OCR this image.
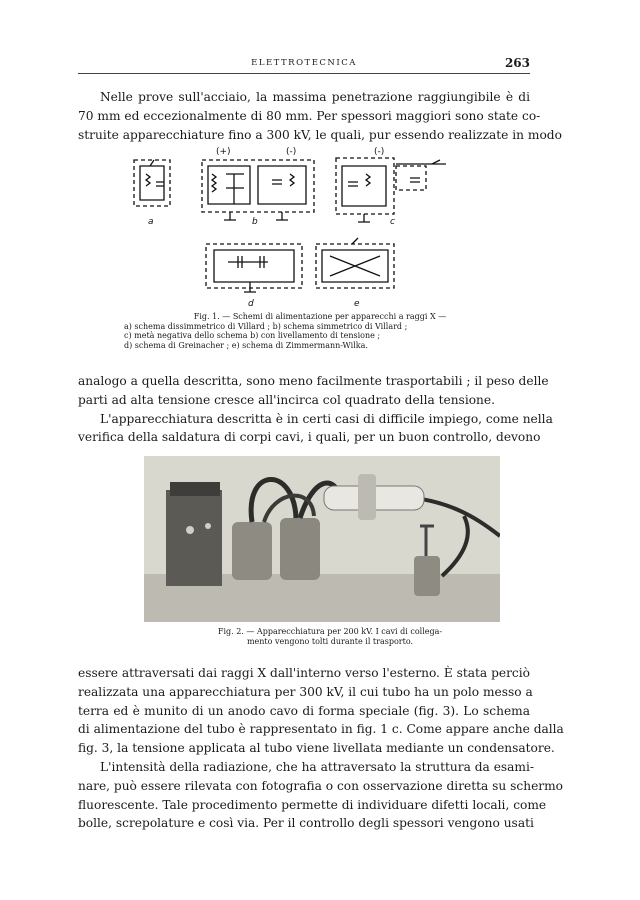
ELETTROTECNICA	263
Nelle prove sull'acciaio, la massima penetrazione raggiungibile è di
70 mm ed eccezionalmente di 80 mm. Per spessori maggiori sono state co-
struite apparecchiature fino a 300 kV, le quali, pur essendo realizzate in modo
(+)	(-)	(-)
a	b	c
d	e
Fig. 1. — Schemi di alimentazione per apparecchi a raggi X —
a) schema dissimmetrico di Villard ; b) schema simmetrico di Villard ;
c) metà negativa dello schema b) con livellamento di tensione ;
d) schema di Greinacher ; e) schema di Zimmermann-Wilka.
analogo a quella descritta, sono meno facilmente trasportabili ; il peso delle
parti ad alta tensione cresce all'incirca col quadrato della tensione.
L'apparecchiatura descritta è in certi casi di difficile impiego, come nella
verifica della saldatura di corpi cavi, i quali, per un buon controllo, devono
Fig. 2. — Apparecchiatura per 200 kV. I cavi di collega-
mento vengono tolti durante il trasporto.
essere attraversati dai raggi X dall'interno verso l'esterno. È stata perciò
realizzata una apparecchiatura per 300 kV, il cui tubo ha un polo messo a
terra ed è munito di un anodo cavo di forma speciale (fig. 3). Lo schema
di alimentazione del tubo è rappresentato in fig. 1 c. Come appare anche dalla
fig. 3, la tensione applicata al tubo viene livellata mediante un condensatore.
L'intensità della radiazione, che ha attraversato la struttura da esami-
nare, può essere rilevata con fotografia o con osservazione diretta su schermo
fluorescente. Tale procedimento permette di individuare difetti locali, come
bolle, screpolature e così via. Per il controllo degli spessori vengono usati
